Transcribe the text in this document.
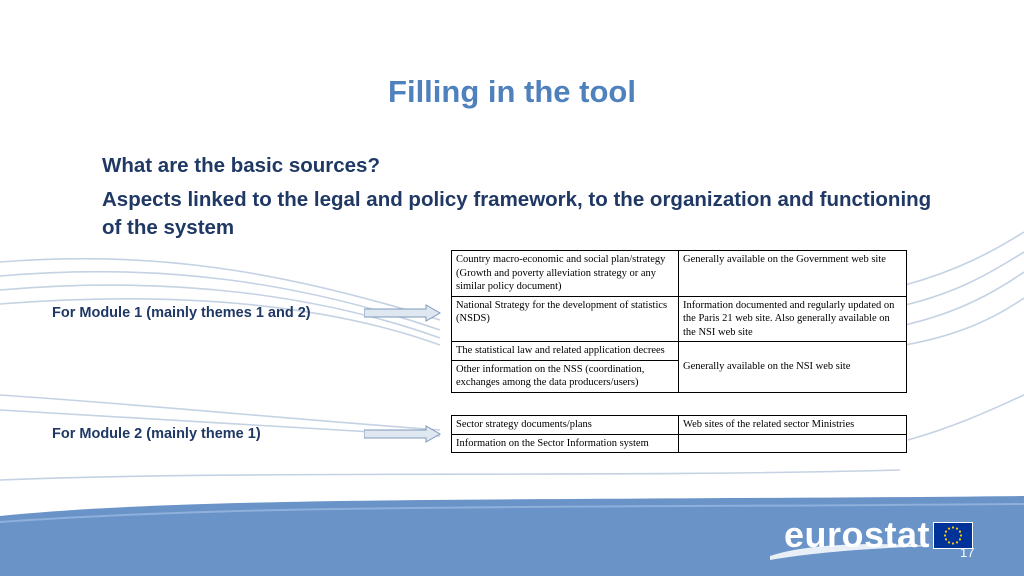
Filling in the tool
What are the basic sources?
Aspects linked to the legal and policy framework, to the organization and functioning of the system
For Module 1 (mainly themes 1 and 2)
For Module 2 (mainly theme 1)
Country macro-economic and social plan/strategy (Growth and poverty alleviation strategy or any similar policy document)	Generally available on the Government web site
National Strategy for the development of statistics (NSDS)	Information documented and regularly updated on the Paris 21 web site. Also generally available on the NSI web site
The statistical law and related application decrees	Generally available on the NSI web site
Other information on the NSS (coordination, exchanges among the data producers/users)	
Sector strategy documents/plans	Web sites of the related sector Ministries
Information on the Sector Information system	
eurostat 17
